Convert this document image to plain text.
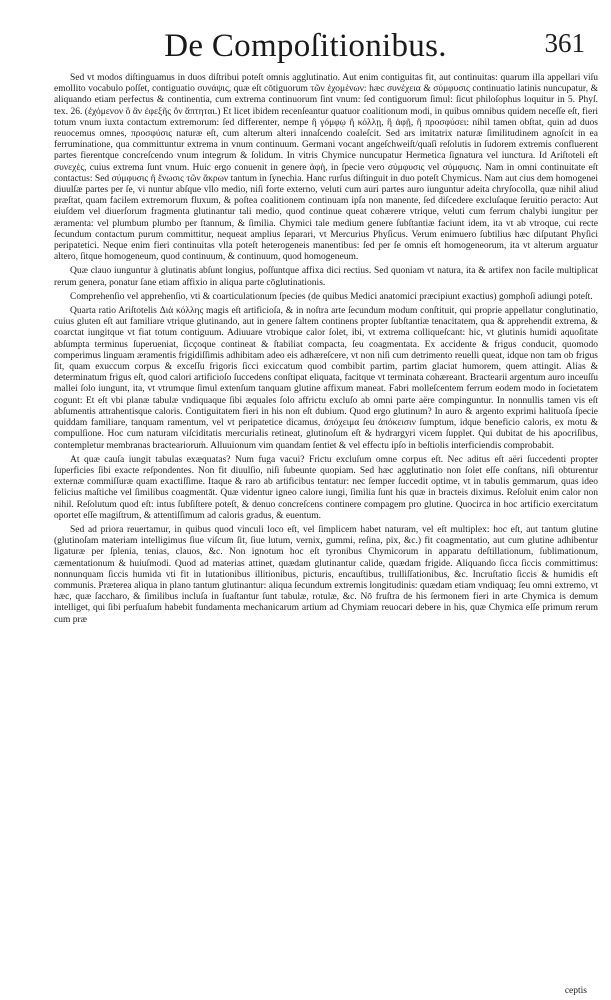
De Compoſitionibus.	361

Sed vt modos diſtinguamus in duos diſtribui poteſt omnis agglutinatio. Aut enim contiguitas fit, aut continuitas: quarum illa appellari viſu emollito vocabulo poſſet, contiguatio συνάψις, quæ eſt cōtiguorum τῶν ἐχομένων: hæc συνέχεια & σύμφυσις continuatio latinis nuncupatur, & aliquando etiam perfectus & continentia, cum extrema continuorum ſint vnum: ſed contiguorum ſimul: ſicut philoſophus loquitur in 5. Phyſ. tex. 26. (ἐχόμενον ὃ ἂν ἐφεξῆς ὂν ἅπτηται.) Et licet ibidem recenſeantur quatuor coalitionum modi, in quibus omnibus quidem neceſſe eſt, fieri totum vnum iuxta contactum extremorum: ſed differenter, nempe ἢ γόμφῳ ἢ κόλλῃ, ἢ ἁφῇ, ἢ προσφύσει: nihil tamen obſtat, quin ad duos reuocemus omnes, προσφύσις naturæ eſt, cum alterum alteri innaſcendo coaleſcit. Sed ars imitatrix naturæ ſimilitudinem agnoſcit in ea ferruminatione, qua committuntur extrema in vnum continuum. Germani vocant angeſchweiſt/quaſi reſolutis in ſudorem extremis confluerent partes fierentque concreſcendo vnum integrum & ſolidum. In vitris Chymice nuncupatur Hermetica ſignatura vel iunctura. Id Ariſtoteli eſt συνεχὲς, cuius extrema ſunt vnum. Huic ergo conuenit in genere ἁφὴ, in ſpecie vero σύμφυσις vel σύμφυσις. Nam in omni continuitate eſt contactus: Sed σύμφυσις ἢ ἕνωσις τῶν ἄκρων tantum in ſynechia. Hanc rurſus diſtinguit in duo poteſt Chymicus. Nam aut cius dem homogenei diuulſæ partes per ſe, vi nuntur abſque vllo medio, niſi forte externo, veluti cum auri partes auro iunguntur adeita chryſocolla, quæ nihil aliud præſtat, quam facilem extremorum fluxum, & poſtea coalitionem continuam ipſa non manente, ſed diſcedere excluſaque ſeruitio peracto: Aut eiuſdem vel diuerſorum fragmenta glutinantur tali medio, quod continue queat cohærere vtrique, veluti cum ferrum chalybi iungitur per æramenta: vel plumbum plumbo per ſtannum, & ſimilia. Chymici tale medium genere ſubſtantiæ faciunt idem, ita vt ab vtroque, cui recte ſecundum contactum purum committitur, nequeat amplius ſeparari, vt Mercurius Phyſicus. Verum enimuero ſubtilius hæc diſputant Phyſici peripatetici. Neque enim fieri continuitas vlla poteſt heterogeneis manentibus: ſed per ſe omnis eſt homogeneorum, ita vt alterum arguatur altero, ſitque homogeneum, quod continuum, & continuum, quod homogeneum.

Quæ clauo iunguntur à glutinatis abſunt longius, poſſuntque affixa dici rectius. Sed quoniam vt natura, ita & artifex non facile multiplicat rerum genera, ponatur ſane etiam affixio in aliqua parte cōglutinationis.

Comprehenſio vel apprehenſio, vti & coarticulationum ſpecies (de quibus Medici anatomici præcipiunt exactius) gomphoſi adiungi poteſt.

Quarta ratio Ariſtotelis Διὰ κόλλης magis eſt artificioſa, & in noſtra arte ſecundum modum conſtituit, qui proprie appellatur conglutinatio, cuius gluten eſt aut familiare vtrique glutinando, aut in genere ſaltem continens propter ſubſtantiæ tenacitatem, qua & apprehendit extrema, & coarctat iungitque vt fiat totum contiguum. Adiuuare vtrobique calor ſolet, ibi, vt extrema colliqueſcant: hic, vt glutinis humidi aquoſitate abſumpta terminus ſuperueniat, ſicçoque contineat & ſtabiliat compacta, ſeu coagmentata. Ex accidente & frigus conducit, quomodo comperimus linguam æramentis frigidiſſimis adhibitam adeo eis adhæreſcere, vt non niſi cum detrimento reuelli queat, idque non tam ob frigus ſit, quam exuccum corpus & exceſſu frigoris ſicci exiccatum quod combibit partim, partim glaciat humorem, quem attingit. Alias & determinatum frigus eſt, quod calori artificioſo ſuccedens conſtipat eliquata, facitque vt terminata cohæreant. Bractearii argentum auro inceuſſu mallei ſolo iungunt, ita, vt vtrumque ſimul extenſum tanquam glutine affixum maneat. Fabri molleſcentem ferrum eodem modo in ſocietatem cogunt: Et eſt vbi planæ tabulæ vndiquaque ſibi æquales ſolo affrictu excluſo ab omni parte aëre compinguntur. In nonnullis tamen vis eſt abſumentis attrahentisque caloris. Contiguitatem fieri in his non eſt dubium. Quod ergo glutinum? In auro & argento exprimi halituoſa ſpecie quiddam familiare, tanquam ramentum, vel vt peripatetice dicamus, ἀπόχειμα ſeu ἀπόκεισιν ſumptum, idque beneficio caloris, ex motu & compulſione. Hoc cum naturam viſciditatis mercurialis retineat, glutinoſum eſt & hydrargyri vicem ſupplet. Qui dubitat de his apocriſibus, contempletur membranas bractearioruṁ. Alluuionum vim quandam ſentiet & vel effectu ipſo in beſtiolis interficiendis comprobabit.

At quæ cauſa iungit tabulas exæquatas? Num fuga vacui? Frictu excluſum omne corpus eſt. Nec aditus eſt aëri ſuccedenti propter ſuperficies ſibi exacte reſpondentes. Non fit diuulſio, niſi ſubeunte quopiam. Sed hæc agglutinatio non ſolet eſſe conſtans, niſi obturentur externæ commiſſuræ quam exactiſſime. Itaque & raro ab artificibus tentatur: nec ſemper ſuccedit optime, vt in tabulis gemmarum, quas ideo felicius maſtiche vel ſimilibus coagmentāt. Quæ videntur igneo calore iungi, ſimilia ſunt his quæ in bracteis diximus. Reſoluit enim calor non nihil. Reſolutum quod eſt: intus ſubſiſtere poteſt, & denuo concreſcens continere compagem pro glutine. Quocirca in hoc artificio exercitatum oportet eſſe magiſtrum, & attentiſſimum ad caloris gradus, & euentum.

Sed ad priora reuertamur, in quibus quod vinculi loco eſt, vel ſimplicem habet naturam, vel eſt multiplex: hoc eſt, aut tantum glutine (glutinoſam materiam intelligimus ſiue viſcum ſit, ſiue lutum, vernix, gummi, reſina, pix, &c.) fit coagmentatio, aut cum glutine adhibentur ligaturæ per ſplenia, tenias, clauos, &c. Non ignotum hoc eſt tyronibus Chymicorum in apparatu deſtillationum, ſublimationum, cæmentationum & huiuſmodi. Quod ad materias attinet, quædam glutinantur calide, quædam frigide. Aliquando ſicca ſiccis committimus: nonnunquam ſiccis humida vti fit in lutationibus illitionibus, picturis, encauſtibus, trulliſſationibus, &c. Incruſtatio ſiccis & humidis eſt communis. Præterea aliqua in plano tantum glutinantur: aliqua ſecundum extremis longitudinis: quædam etiam vndiquaq; ſeu omni extremo, vt hæc, quæ ſaccharo, & ſimilibus incluſa in ſuaſtantur ſunt tabulæ, rotulæ, &c. Nō fruſtra de his ſermonem fieri in arte Chymica is demum intelliget, qui ſibi perſuaſum habebit fundamenta mechanicarum artium ad Chymiam reuocari debere in his, quæ Chymica eſſe primum rerum cum præ

ceptis
